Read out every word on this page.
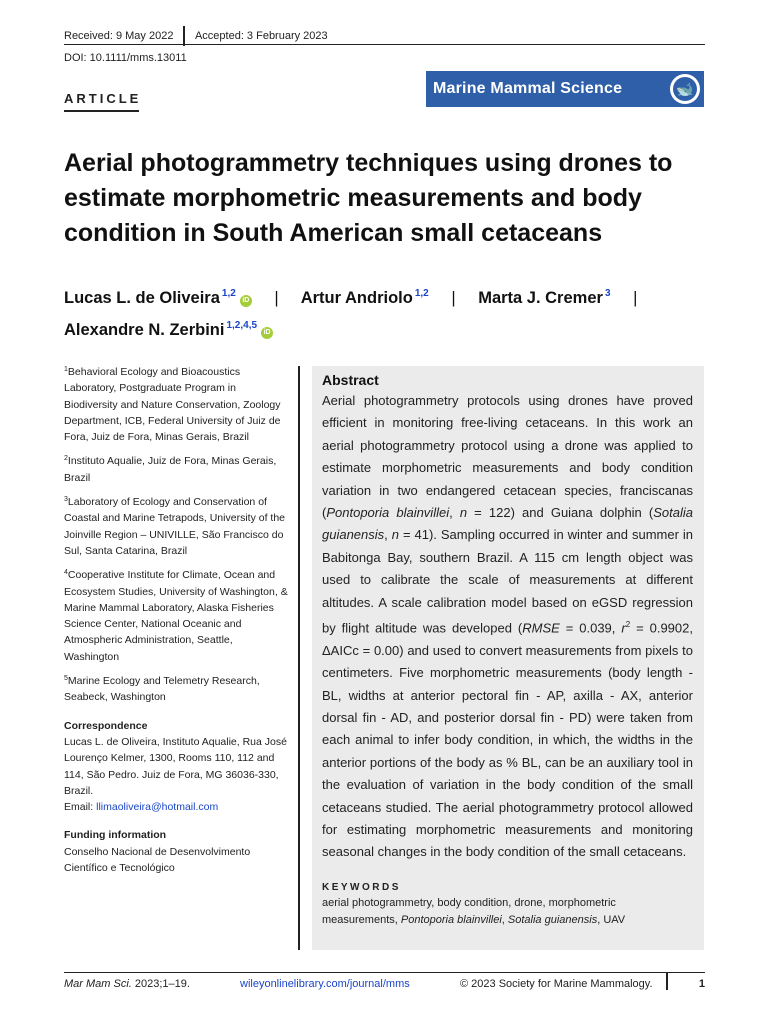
Received: 9 May 2022 Accepted: 3 February 2023
DOI: 10.1111/mms.13011
ARTICLE
Marine Mammal Science	🐋
Aerial photogrammetry techniques using drones to estimate morphometric measurements and body condition in South American small cetaceans
Lucas L. de Oliveira $^{1,2}$iD | Artur Andriolo $^{1,2}$ | Marta J. Cremer $^3$ |
Alexandre N. Zerbini $^{1,2,4,5}$iD
$^1$Behavioral Ecology and Bioacoustics Laboratory, Postgraduate Program in Biodiversity and Nature Conservation, Zoology Department, ICB, Federal University of Juiz de Fora, Juiz de Fora, Minas Gerais, Brazil
$^2$Instituto Aqualie, Juiz de Fora, Minas Gerais, Brazil
$^3$Laboratory of Ecology and Conservation of Coastal and Marine Tetrapods, University of the Joinville Region – UNIVILLE, São Francisco do Sul, Santa Catarina, Brazil
$^4$Cooperative Institute for Climate, Ocean and Ecosystem Studies, University of Washington, & Marine Mammal Laboratory, Alaska Fisheries Science Center, National Oceanic and Atmospheric Administration, Seattle, Washington
$^5$Marine Ecology and Telemetry Research, Seabeck, Washington
Correspondence
Lucas L. de Oliveira, Instituto Aqualie, Rua José Lourenço Kelmer, 1300, Rooms 110, 112 and 114, São Pedro. Juiz de Fora, MG 36036-330, Brazil.
Email: llimaoliveira@hotmail.com
Funding information
Conselho Nacional de Desenvolvimento Científico e Tecnológico
Abstract

Aerial photogrammetry protocols using drones have proved efficient in monitoring free-living cetaceans. In this work an aerial photogrammetry protocol using a drone was applied to estimate morphometric measurements and body condition variation in two endangered cetacean species, franciscanas (Pontoporia blainvillei, n = 122) and Guiana dolphin (Sotalia guianensis, n = 41). Sampling occurred in winter and summer in Babitonga Bay, southern Brazil. A 115 cm length object was used to calibrate the scale of measurements at different altitudes. A scale calibration model based on eGSD regression by flight altitude was developed (RMSE = 0.039, $r^2 = 0.9902$, ΔAICc = 0.00) and used to convert measurements from pixels to centimeters. Five morphometric measurements (body length - BL, widths at anterior pectoral fin - AP, axilla - AX, anterior dorsal fin - AD, and posterior dorsal fin - PD) were taken from each animal to infer body condition, in which, the widths in the anterior portions of the body as % BL, can be an auxiliary tool in the evaluation of variation in the body condition of the small cetaceans studied. The aerial photogrammetry protocol allowed for estimating morphometric measurements and monitoring seasonal changes in the body condition of the small cetaceans.

KEYWORDS
aerial photogrammetry, body condition, drone, morphometric measurements, Pontoporia blainvillei, Sotalia guianensis, UAV
Mar Mam Sci. 2023;1–19.	wileyonlinelibrary.com/journal/mms	© 2023 Society for Marine Mammalogy.	1
